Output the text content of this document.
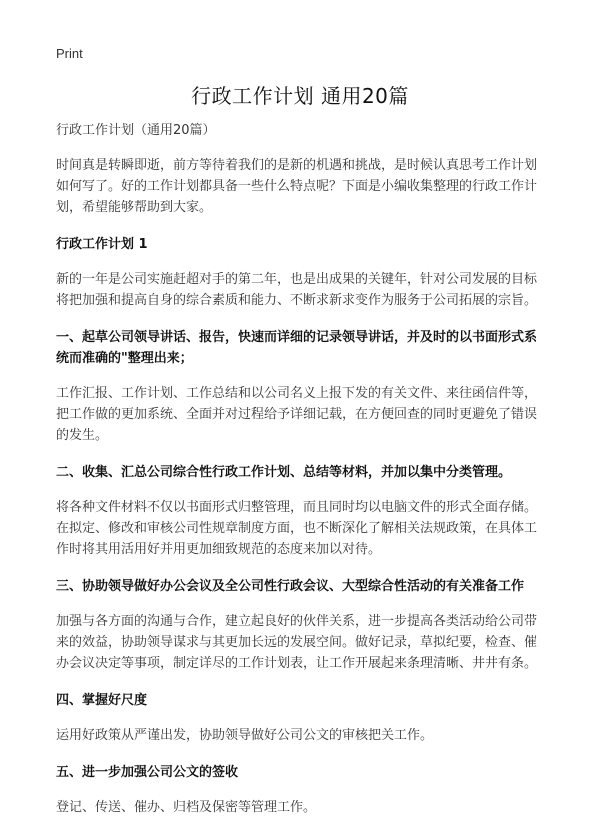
Print
行政工作计划 通用20篇

行政工作计划（通用20篇）

时间真是转瞬即逝，前方等待着我们的是新的机遇和挑战，是时候认真思考工作计划如何写了。好的工作计划都具备一些什么特点呢？下面是小编收集整理的行政工作计划，希望能够帮助到大家。

行政工作计划 1

新的一年是公司实施赶超对手的第二年，也是出成果的关键年，针对公司发展的目标将把加强和提高自身的综合素质和能力、不断求新求变作为服务于公司拓展的宗旨。

一、起草公司领导讲话、报告，快速而详细的记录领导讲话，并及时的以书面形式系统而准确的"整理出来；

工作汇报、工作计划、工作总结和以公司名义上报下发的有关文件、来往函信件等，把工作做的更加系统、全面并对过程给予详细记载，在方便回查的同时更避免了错误的发生。

二、收集、汇总公司综合性行政工作计划、总结等材料，并加以集中分类管理。

将各种文件材料不仅以书面形式归整管理，而且同时均以电脑文件的形式全面存储。在拟定、修改和审核公司性规章制度方面，也不断深化了解相关法规政策，在具体工作时将其用活用好并用更加细致规范的态度来加以对待。

三、协助领导做好办公会议及全公司性行政会议、大型综合性活动的有关准备工作

加强与各方面的沟通与合作，建立起良好的伙伴关系，进一步提高各类活动给公司带来的效益，协助领导谋求与其更加长远的发展空间。做好记录，草拟纪要，检查、催办会议决定等事项，制定详尽的工作计划表，让工作开展起来条理清晰、井井有条。

四、掌握好尺度

运用好政策从严谨出发，协助领导做好公司公文的审核把关工作。

五、进一步加强公司公文的签收

登记、传送、催办、归档及保密等管理工作。
